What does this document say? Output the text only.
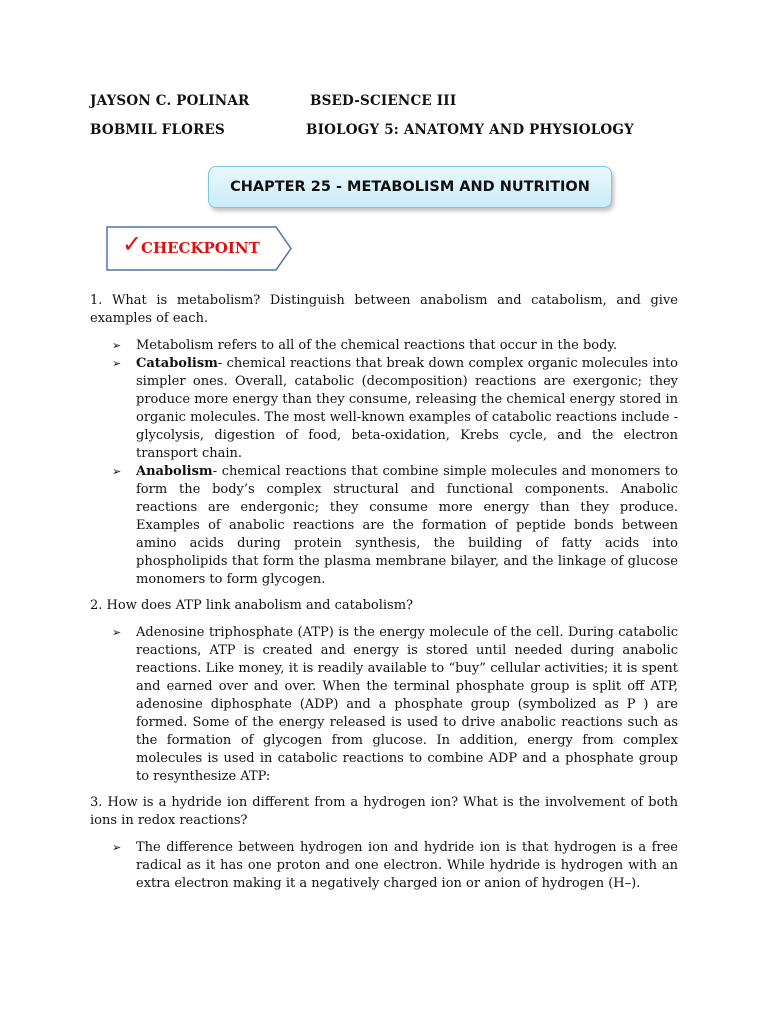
JAYSON C. POLINAR	BSED-SCIENCE III
BOBMIL FLORES	BIOLOGY 5: ANATOMY AND PHYSIOLOGY
CHAPTER 25 - METABOLISM AND NUTRITION
✓
CHECKPOINT

1. What is metabolism? Distinguish between anabolism and catabolism, and give examples of each.

➢ Metabolism refers to all of the chemical reactions that occur in the body.
➢ Catabolism- chemical reactions that break down complex organic molecules into simpler ones. Overall, catabolic (decomposition) reactions are exergonic; they produce more energy than they consume, releasing the chemical energy stored in organic molecules. The most well-known examples of catabolic reactions include - glycolysis, digestion of food, beta-oxidation, Krebs cycle, and the electron transport chain.
➢ Anabolism- chemical reactions that combine simple molecules and monomers to form the body’s complex structural and functional components. Anabolic reactions are endergonic; they consume more energy than they produce. Examples of anabolic reactions are the formation of peptide bonds between amino acids during protein synthesis, the building of fatty acids into phospholipids that form the plasma membrane bilayer, and the linkage of glucose monomers to form glycogen.

2. How does ATP link anabolism and catabolism?

➢ Adenosine triphosphate (ATP) is the energy molecule of the cell. During catabolic reactions, ATP is created and energy is stored until needed during anabolic reactions. Like money, it is readily available to “buy” cellular activities; it is spent and earned over and over. When the terminal phosphate group is split off ATP, adenosine diphosphate (ADP) and a phosphate group (symbolized as P ) are formed. Some of the energy released is used to drive anabolic reactions such as the formation of glycogen from glucose. In addition, energy from complex molecules is used in catabolic reactions to combine ADP and a phosphate group to resynthesize ATP:

3. How is a hydride ion different from a hydrogen ion? What is the involvement of both ions in redox reactions?

➢ The difference between hydrogen ion and hydride ion is that hydrogen is a free radical as it has one proton and one electron. While hydride is hydrogen with an extra electron making it a negatively charged ion or anion of hydrogen (H–).
